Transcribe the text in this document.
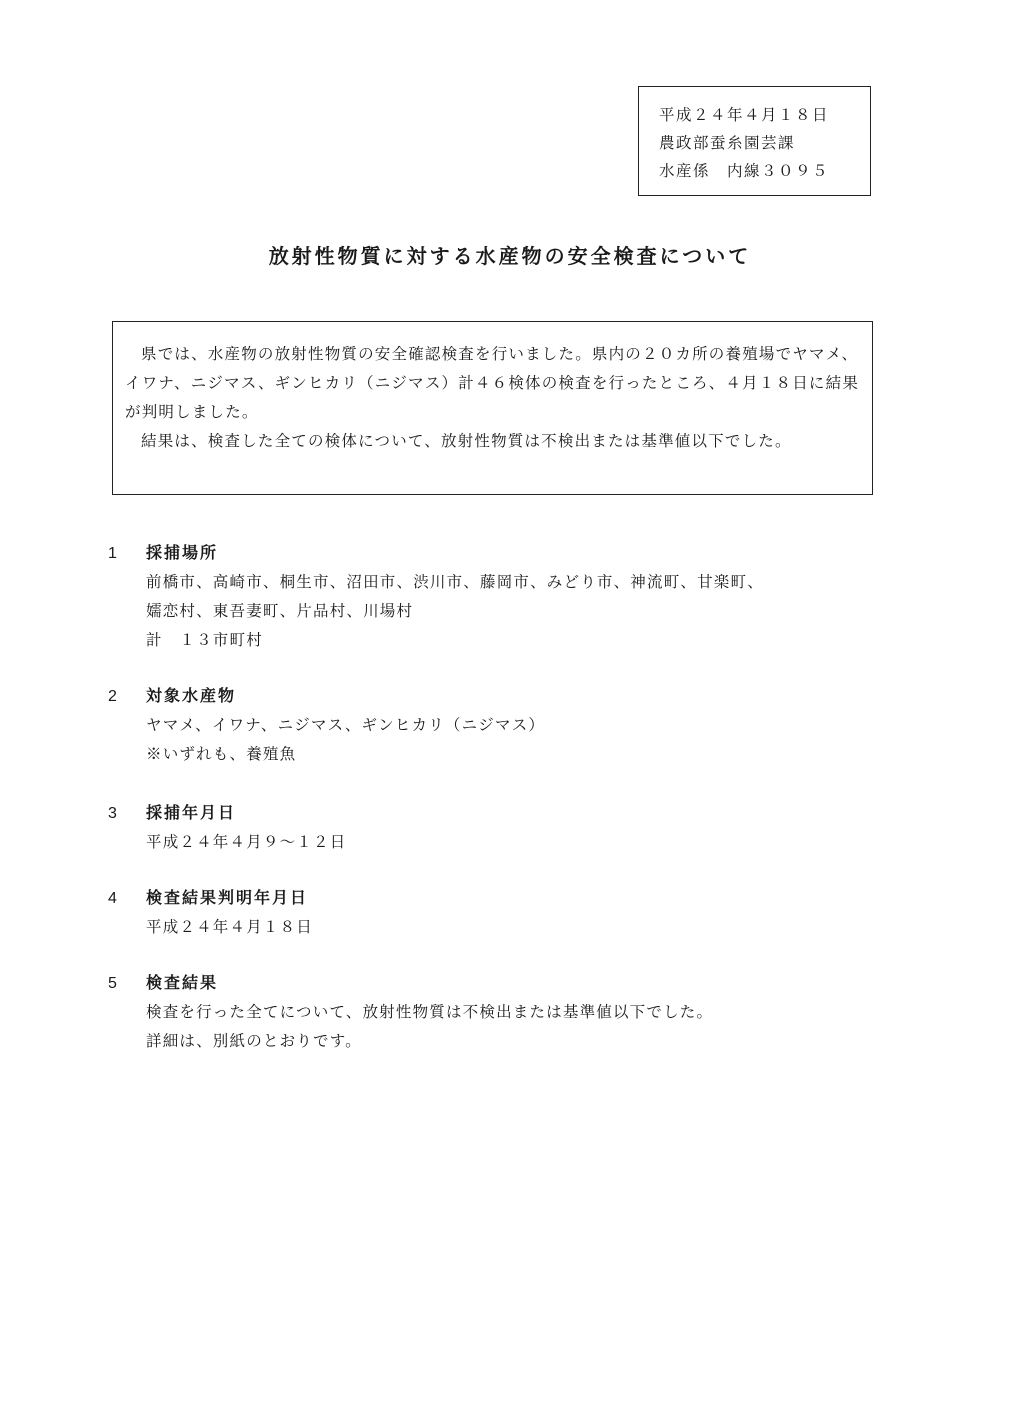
平成２４年４月１８日
農政部蚕糸園芸課
水産係　内線３０９５
放射性物質に対する水産物の安全検査について

県では、水産物の放射性物質の安全確認検査を行いました。県内の２０カ所の養殖場でヤマメ、イワナ、ニジマス、ギンヒカリ（ニジマス）計４６検体の検査を行ったところ、４月１８日に結果が判明しました。

結果は、検査した全ての検体について、放射性物質は不検出または基準値以下でした。

1	採捕場所
前橋市、高崎市、桐生市、沼田市、渋川市、藤岡市、みどり市、神流町、甘楽町、
嬬恋村、東吾妻町、片品村、川場村
計　１３市町村
2	対象水産物
ヤマメ、イワナ、ニジマス、ギンヒカリ（ニジマス）
※いずれも、養殖魚
3	採捕年月日
平成２４年４月９～１２日
4	検査結果判明年月日
平成２４年４月１８日
5	検査結果
検査を行った全てについて、放射性物質は不検出または基準値以下でした。
詳細は、別紙のとおりです。
